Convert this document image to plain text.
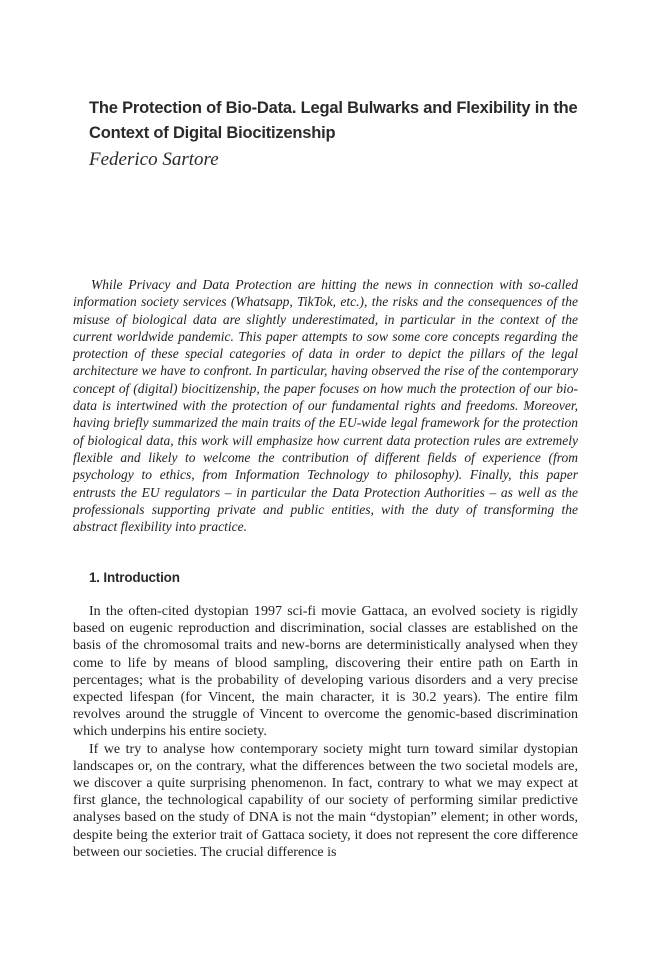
The Protection of Bio-Data. Legal Bulwarks and Flexibility in the Context of Digital Biocitizenship
Federico Sartore

While Privacy and Data Protection are hitting the news in connection with so-called information society services (Whatsapp, TikTok, etc.), the risks and the consequences of the misuse of biological data are slightly underestimated, in particular in the context of the current worldwide pandemic. This paper attempts to sow some core concepts regarding the protection of these special categories of data in order to depict the pillars of the legal architecture we have to confront. In particular, having observed the rise of the contemporary concept of (digital) biocitizenship, the paper focuses on how much the protection of our bio-data is intertwined with the protection of our fundamental rights and freedoms. Moreover, having briefly summarized the main traits of the EU-wide legal framework for the protection of biological data, this work will emphasize how current data protection rules are extremely flexible and likely to welcome the contribution of different fields of experience (from psychology to ethics, from Information Technology to philosophy). Finally, this paper entrusts the EU regulators – in particular the Data Protection Authorities – as well as the professionals supporting private and public entities, with the duty of transforming the abstract flexibility into practice.

1. Introduction

In the often-cited dystopian 1997 sci-fi movie Gattaca, an evolved society is rigidly based on eugenic reproduction and discrimination, social classes are established on the basis of the chromosomal traits and new-borns are deterministically analysed when they come to life by means of blood sampling, discovering their entire path on Earth in percentages; what is the probability of developing various disorders and a very precise expected lifespan (for Vincent, the main character, it is 30.2 years). The entire film revolves around the struggle of Vincent to overcome the genomic-based discrimination which underpins his entire society.

If we try to analyse how contemporary society might turn toward similar dystopian landscapes or, on the contrary, what the differences between the two societal models are, we discover a quite surprising phenomenon. In fact, contrary to what we may expect at first glance, the technological capability of our society of performing similar predictive analyses based on the study of DNA is not the main “dystopian” element; in other words, despite being the exterior trait of Gattaca society, it does not represent the core difference between our societies. The crucial difference is
